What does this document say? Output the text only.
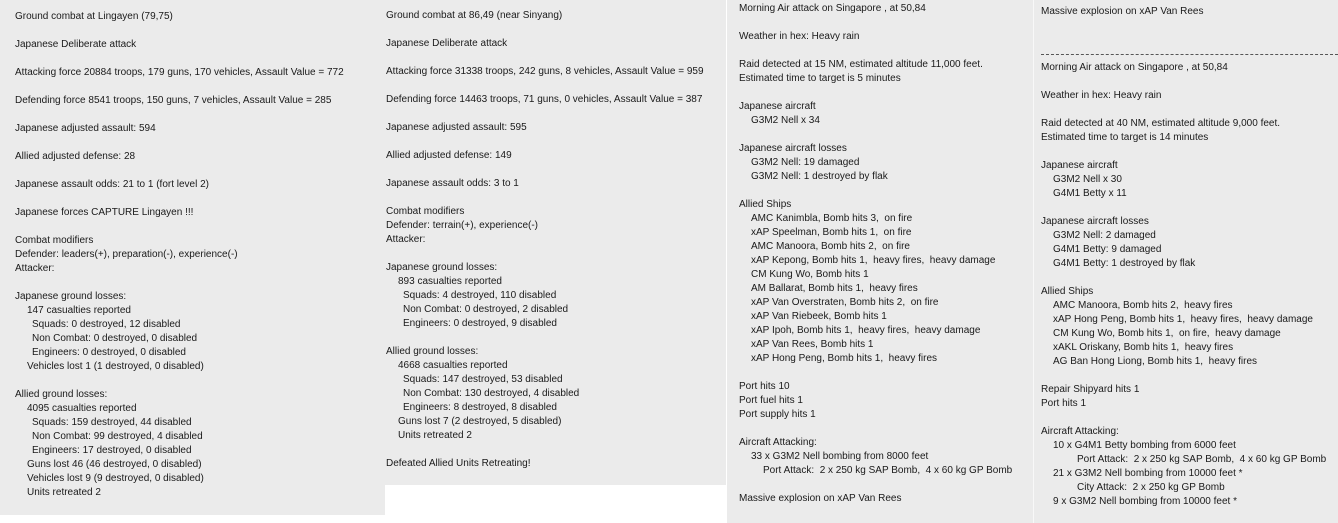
Ground combat at Lingayen (79,75)
Japanese Deliberate attack
Attacking force 20884 troops, 179 guns, 170 vehicles, Assault Value = 772
Defending force 8541 troops, 150 guns, 7 vehicles, Assault Value = 285
Japanese adjusted assault: 594
Allied adjusted defense: 28
Japanese assault odds: 21 to 1 (fort level 2)
Japanese forces CAPTURE Lingayen !!!
Combat modifiers
Defender: leaders(+), preparation(-), experience(-)
Attacker:
Japanese ground losses:
147 casualties reported
Squads: 0 destroyed, 12 disabled
Non Combat: 0 destroyed, 0 disabled
Engineers: 0 destroyed, 0 disabled
Vehicles lost 1 (1 destroyed, 0 disabled)
Allied ground losses:
4095 casualties reported
Squads: 159 destroyed, 44 disabled
Non Combat: 99 destroyed, 4 disabled
Engineers: 17 destroyed, 0 disabled
Guns lost 46 (46 destroyed, 0 disabled)
Vehicles lost 9 (9 destroyed, 0 disabled)
Units retreated 2
Ground combat at 86,49 (near Sinyang)
Japanese Deliberate attack
Attacking force 31338 troops, 242 guns, 8 vehicles, Assault Value = 959
Defending force 14463 troops, 71 guns, 0 vehicles, Assault Value = 387
Japanese adjusted assault: 595
Allied adjusted defense: 149
Japanese assault odds: 3 to 1
Combat modifiers
Defender: terrain(+), experience(-)
Attacker:
Japanese ground losses:
893 casualties reported
Squads: 4 destroyed, 110 disabled
Non Combat: 0 destroyed, 2 disabled
Engineers: 0 destroyed, 9 disabled
Allied ground losses:
4668 casualties reported
Squads: 147 destroyed, 53 disabled
Non Combat: 130 destroyed, 4 disabled
Engineers: 8 destroyed, 8 disabled
Guns lost 7 (2 destroyed, 5 disabled)
Units retreated 2
Defeated Allied Units Retreating!
Morning Air attack on Singapore , at 50,84
Weather in hex: Heavy rain
Raid detected at 15 NM, estimated altitude 11,000 feet.
Estimated time to target is 5 minutes
Japanese aircraft
G3M2 Nell x 34
Japanese aircraft losses
G3M2 Nell: 19 damaged
G3M2 Nell: 1 destroyed by flak
Allied Ships
AMC Kanimbla, Bomb hits 3,  on fire
xAP Speelman, Bomb hits 1,  on fire
AMC Manoora, Bomb hits 2,  on fire
xAP Kepong, Bomb hits 1,  heavy fires,  heavy damage
CM Kung Wo, Bomb hits 1
AM Ballarat, Bomb hits 1,  heavy fires
xAP Van Overstraten, Bomb hits 2,  on fire
xAP Van Riebeek, Bomb hits 1
xAP Ipoh, Bomb hits 1,  heavy fires,  heavy damage
xAP Van Rees, Bomb hits 1
xAP Hong Peng, Bomb hits 1,  heavy fires
Port hits 10
Port fuel hits 1
Port supply hits 1
Aircraft Attacking:
33 x G3M2 Nell bombing from 8000 feet
Port Attack:  2 x 250 kg SAP Bomb,  4 x 60 kg GP Bomb
Massive explosion on xAP Van Rees
Massive explosion on xAP Van Rees
Morning Air attack on Singapore , at 50,84
Weather in hex: Heavy rain
Raid detected at 40 NM, estimated altitude 9,000 feet.
Estimated time to target is 14 minutes
Japanese aircraft
G3M2 Nell x 30
G4M1 Betty x 11
Japanese aircraft losses
G3M2 Nell: 2 damaged
G4M1 Betty: 9 damaged
G4M1 Betty: 1 destroyed by flak
Allied Ships
AMC Manoora, Bomb hits 2,  heavy fires
xAP Hong Peng, Bomb hits 1,  heavy fires,  heavy damage
CM Kung Wo, Bomb hits 1,  on fire,  heavy damage
xAKL Oriskany, Bomb hits 1,  heavy fires
AG Ban Hong Liong, Bomb hits 1,  heavy fires
Repair Shipyard hits 1
Port hits 1
Aircraft Attacking:
10 x G4M1 Betty bombing from 6000 feet
Port Attack:  2 x 250 kg SAP Bomb,  4 x 60 kg GP Bomb
21 x G3M2 Nell bombing from 10000 feet *
City Attack:  2 x 250 kg GP Bomb
9 x G3M2 Nell bombing from 10000 feet *
